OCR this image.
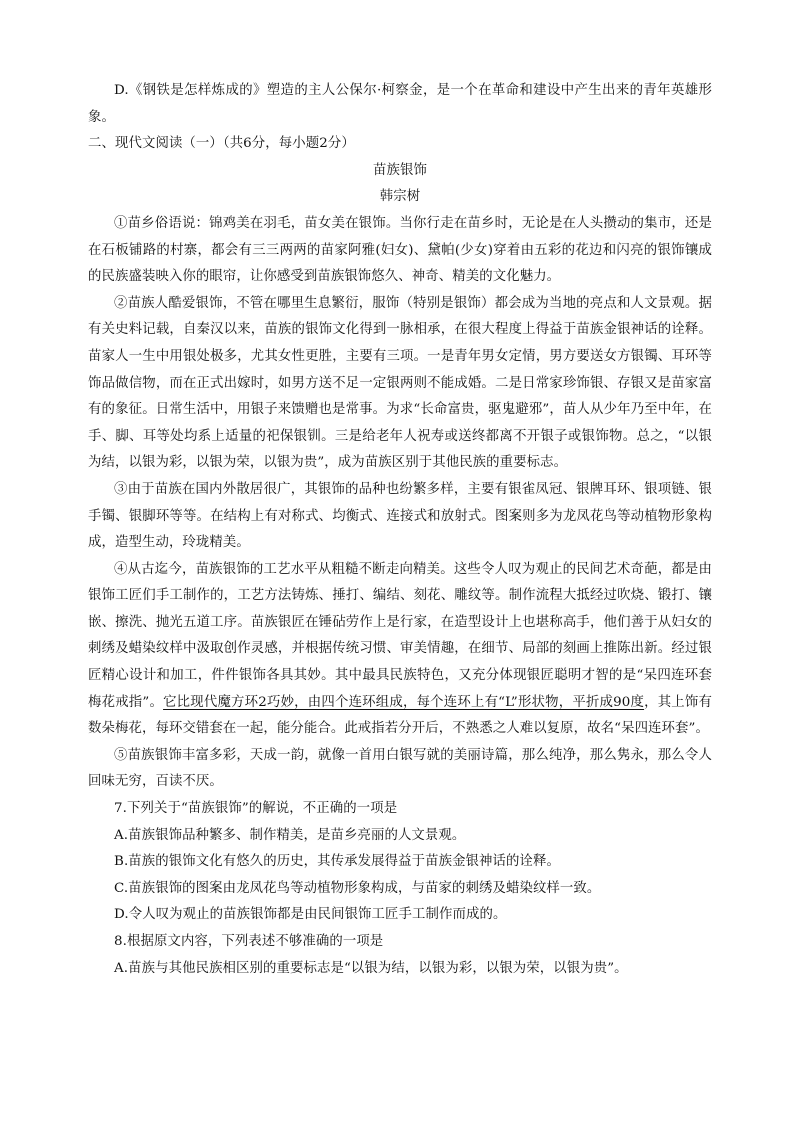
D.《钢铁是怎样炼成的》塑造的主人公保尔·柯察金，是一个在革命和建设中产生出来的青年英雄形象。

二、现代文阅读（一）（共6分，每小题2分）

苗族银饰

韩宗树

①苗乡俗语说：锦鸡美在羽毛，苗女美在银饰。当你行走在苗乡时，无论是在人头攒动的集市，还是在石板铺路的村寨，都会有三三两两的苗家阿雅(妇女)、黛帕(少女)穿着由五彩的花边和闪亮的银饰镶成的民族盛装映入你的眼帘，让你感受到苗族银饰悠久、神奇、精美的文化魅力。

②苗族人酷爱银饰，不管在哪里生息繁衍，服饰（特别是银饰）都会成为当地的亮点和人文景观。据有关史料记载，自秦汉以来，苗族的银饰文化得到一脉相承，在很大程度上得益于苗族金银神话的诠释。苗家人一生中用银处极多，尤其女性更胜，主要有三项。一是青年男女定情，男方要送女方银镯、耳环等饰品做信物，而在正式出嫁时，如男方送不足一定银两则不能成婚。二是日常家珍饰银、存银又是苗家富有的象征。日常生活中，用银子来馈赠也是常事。为求“长命富贵，驱鬼避邪”，苗人从少年乃至中年，在手、脚、耳等处均系上适量的祀保银钏。三是给老年人祝寿或送终都离不开银子或银饰物。总之，“以银为结，以银为彩，以银为荣，以银为贵”，成为苗族区别于其他民族的重要标志。

③由于苗族在国内外散居很广，其银饰的品种也纷繁多样，主要有银雀凤冠、银牌耳环、银项链、银手镯、银脚环等等。在结构上有对称式、均衡式、连接式和放射式。图案则多为龙凤花鸟等动植物形象构成，造型生动，玲珑精美。

④从古迄今，苗族银饰的工艺水平从粗糙不断走向精美。这些令人叹为观止的民间艺术奇葩，都是由银饰工匠们手工制作的，工艺方法铸炼、捶打、编结、刻花、雕纹等。制作流程大抵经过吹烧、锻打、镶嵌、擦洗、抛光五道工序。苗族银匠在锤砧劳作上是行家，在造型设计上也堪称高手，他们善于从妇女的刺绣及蜡染纹样中汲取创作灵感，并根据传统习惯、审美情趣，在细节、局部的刻画上推陈出新。经过银匠精心设计和加工，件件银饰各具其妙。其中最具民族特色，又充分体现银匠聪明才智的是“呆四连环套梅花戒指”。它比现代魔方环2巧妙，由四个连环组成，每个连环上有“L”形状物，平折成90度，其上饰有数朵梅花，每环交错套在一起，能分能合。此戒指若分开后，不熟悉之人难以复原，故名“呆四连环套”。

⑤苗族银饰丰富多彩，天成一韵，就像一首用白银写就的美丽诗篇，那么纯净，那么隽永，那么令人回味无穷，百读不厌。

7.下列关于“苗族银饰”的解说，不正确的一项是

A.苗族银饰品种繁多、制作精美，是苗乡亮丽的人文景观。

B.苗族的银饰文化有悠久的历史，其传承发展得益于苗族金银神话的诠释。

C.苗族银饰的图案由龙凤花鸟等动植物形象构成，与苗家的刺绣及蜡染纹样一致。

D.令人叹为观止的苗族银饰都是由民间银饰工匠手工制作而成的。

8.根据原文内容，下列表述不够准确的一项是

A.苗族与其他民族相区别的重要标志是“以银为结，以银为彩，以银为荣，以银为贵”。
